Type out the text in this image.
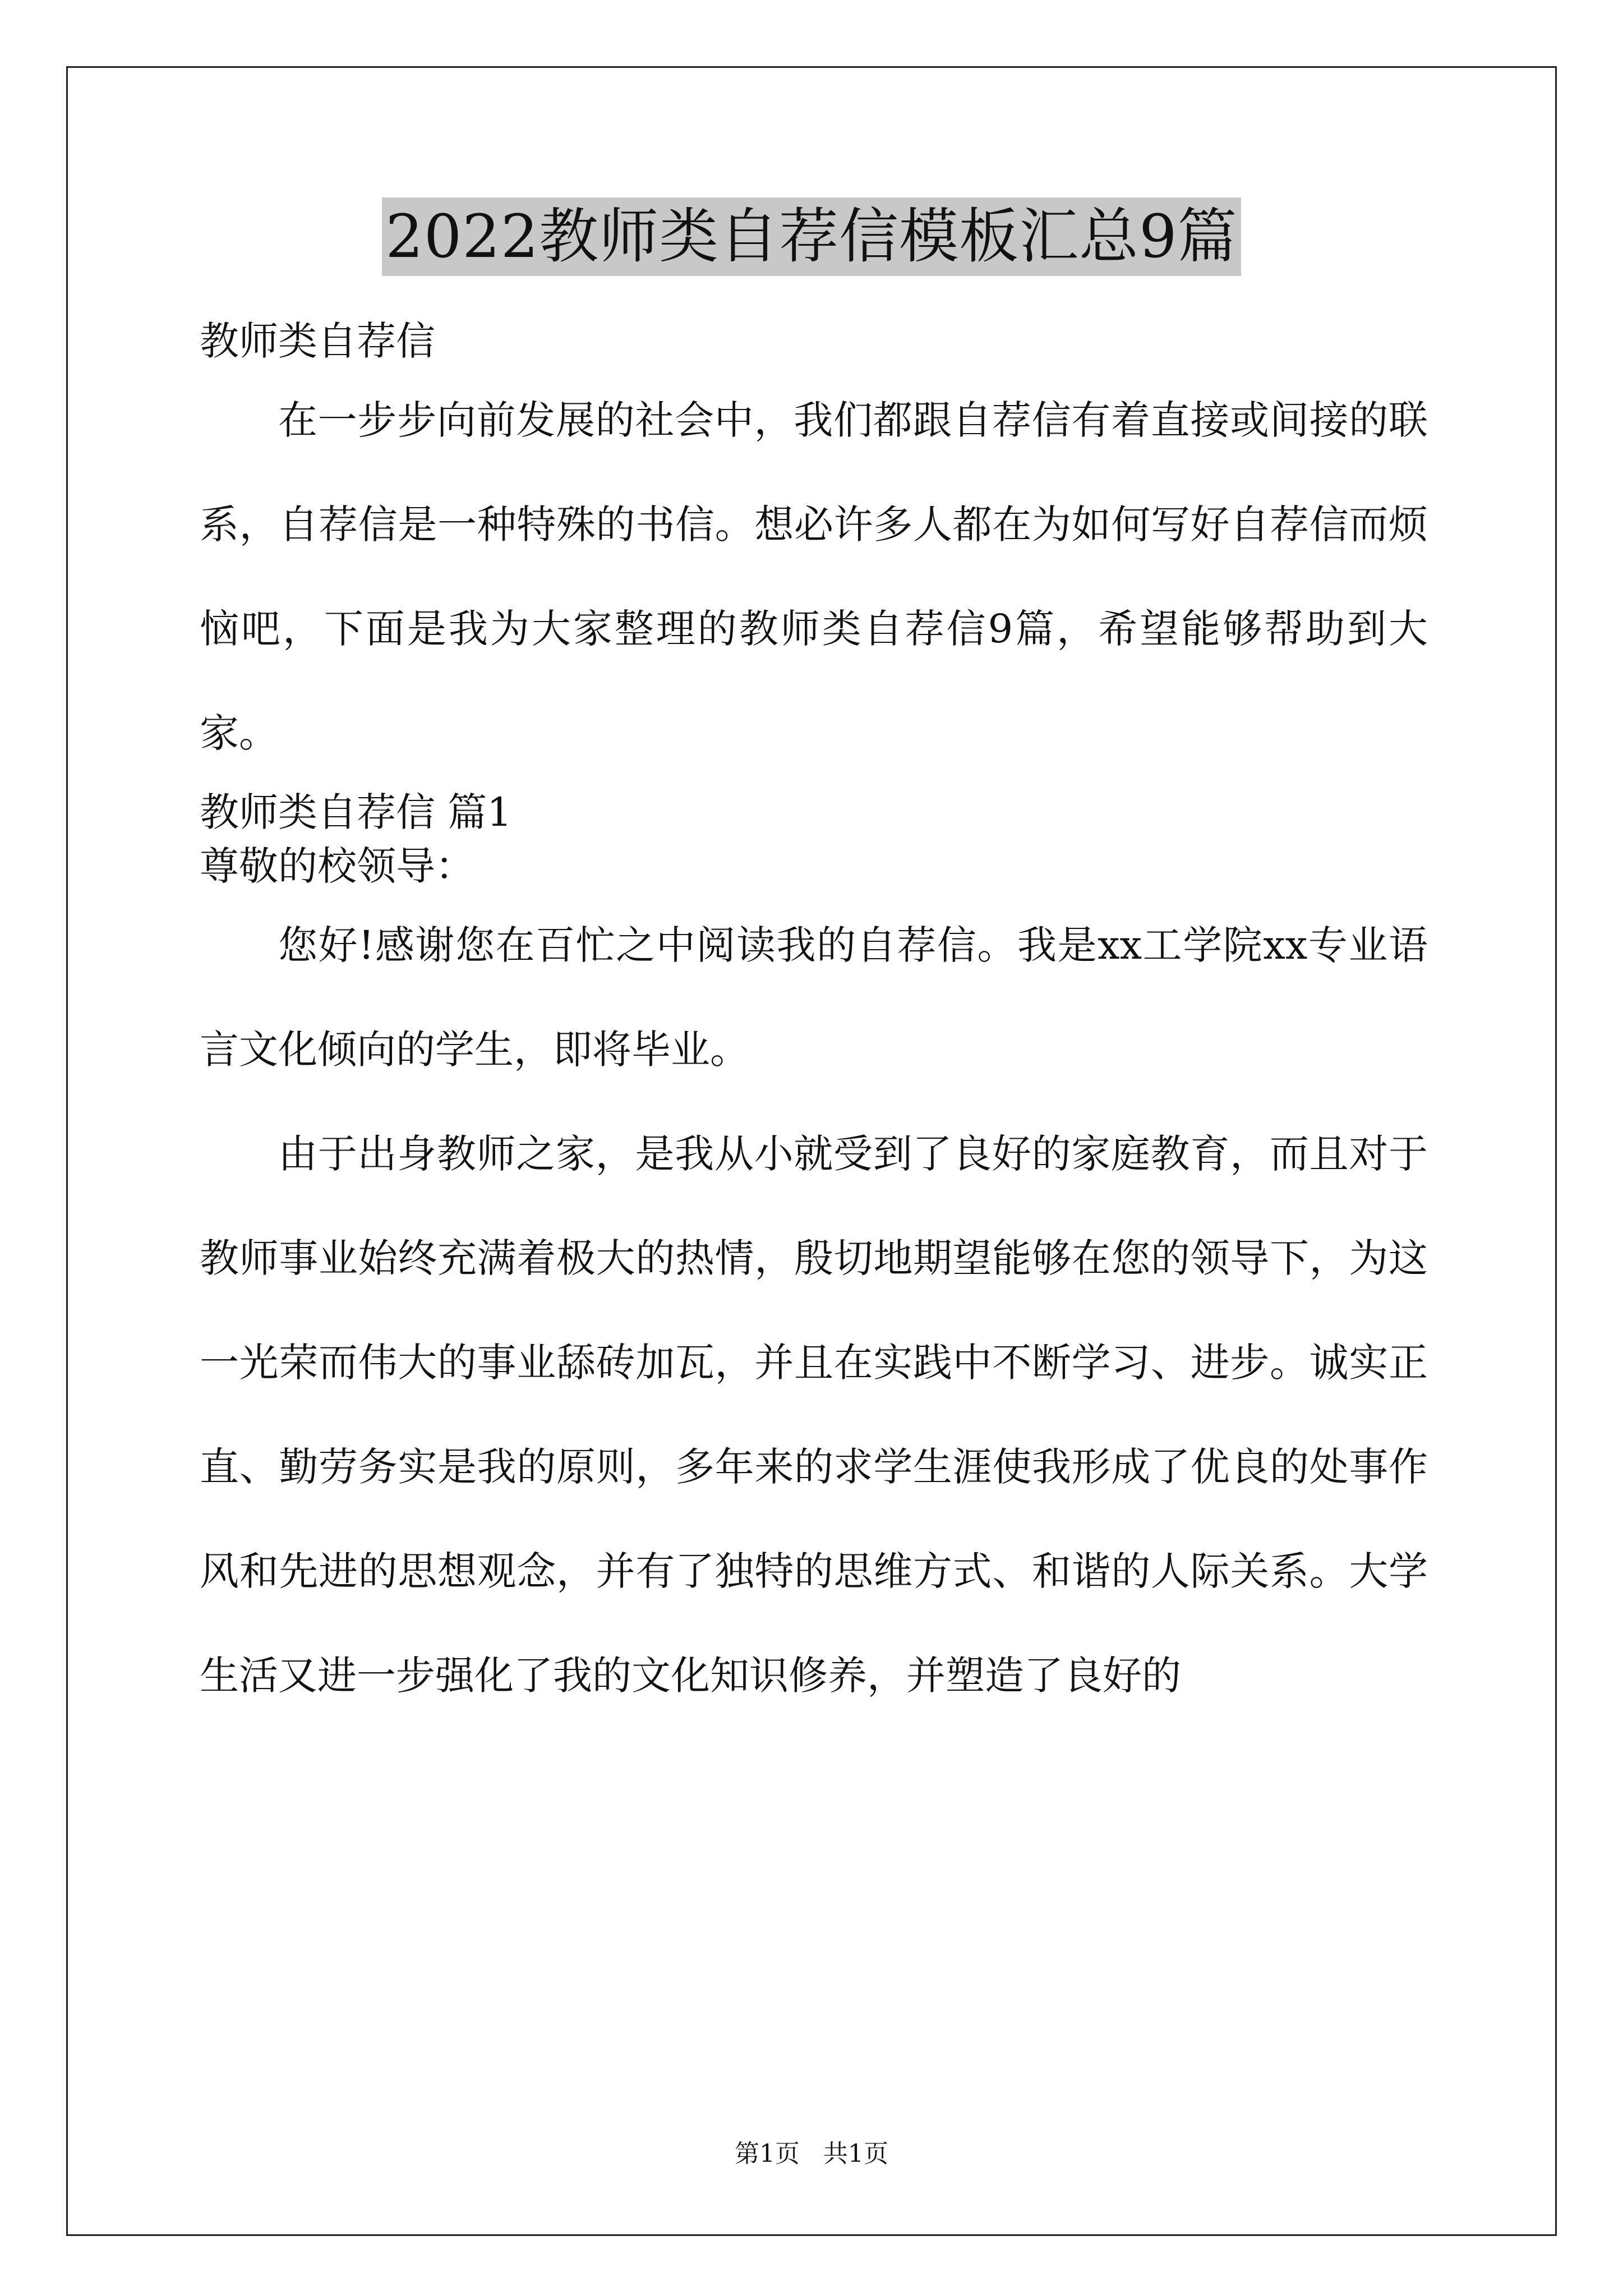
2022教师类自荐信模板汇总9篇

教师类自荐信

在一步步向前发展的社会中，我们都跟自荐信有着直接或间接的联系，自荐信是一种特殊的书信。想必许多人都在为如何写好自荐信而烦恼吧，下面是我为大家整理的教师类自荐信9篇，希望能够帮助到大家。

教师类自荐信 篇1

尊敬的校领导：

您好!感谢您在百忙之中阅读我的自荐信。我是xx工学院xx专业语言文化倾向的学生，即将毕业。

由于出身教师之家，是我从小就受到了良好的家庭教育，而且对于教师事业始终充满着极大的热情，殷切地期望能够在您的领导下，为这一光荣而伟大的事业舔砖加瓦，并且在实践中不断学习、进步。诚实正直、勤劳务实是我的原则，多年来的求学生涯使我形成了优良的处事作风和先进的思想观念，并有了独特的思维方式、和谐的人际关系。大学生活又进一步强化了我的文化知识修养，并塑造了良好的

第1页   共1页
